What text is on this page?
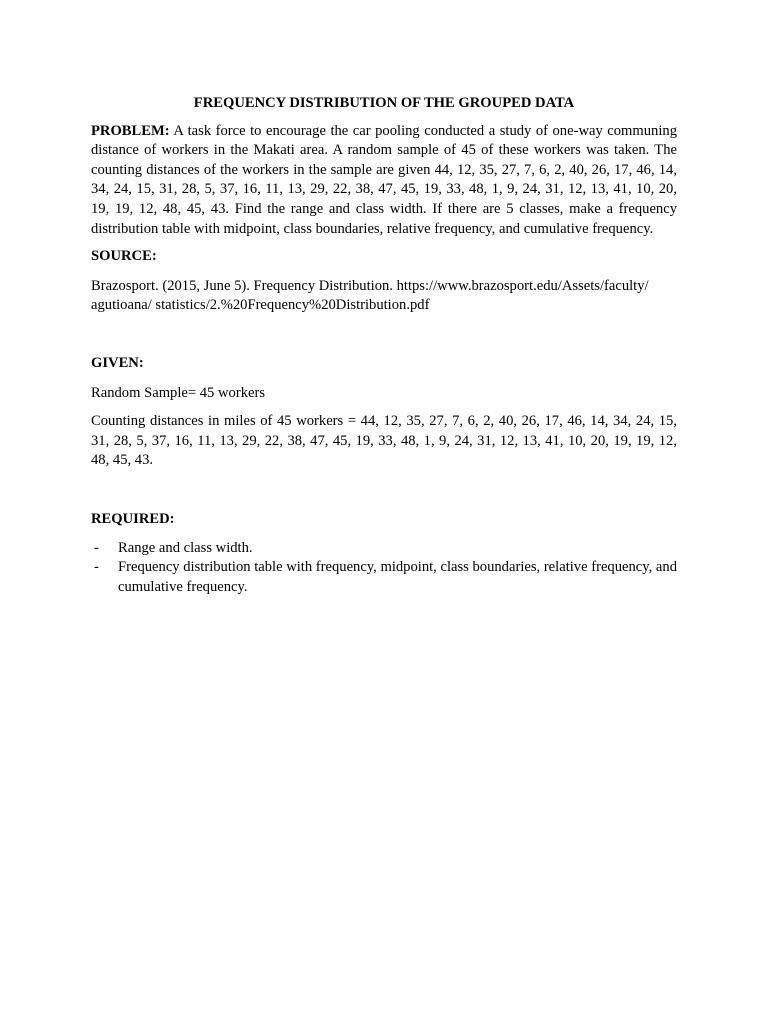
FREQUENCY DISTRIBUTION OF THE GROUPED DATA

PROBLEM: A task force to encourage the car pooling conducted a study of one-way communing distance of workers in the Makati area. A random sample of 45 of these workers was taken. The counting distances of the workers in the sample are given 44, 12, 35, 27, 7, 6, 2, 40, 26, 17, 46, 14, 34, 24, 15, 31, 28, 5, 37, 16, 11, 13, 29, 22, 38, 47, 45, 19, 33, 48, 1, 9, 24, 31, 12, 13, 41, 10, 20, 19, 19, 12, 48, 45, 43. Find the range and class width. If there are 5 classes, make a frequency distribution table with midpoint, class boundaries, relative frequency, and cumulative frequency.

SOURCE:

Brazosport. (2015, June 5). Frequency Distribution. https://www.brazosport.edu/Assets/faculty/
agutioana/ statistics/2.%20Frequency%20Distribution.pdf

GIVEN:

Random Sample= 45 workers

Counting distances in miles of 45 workers = 44, 12, 35, 27, 7, 6, 2, 40, 26, 17, 46, 14, 34, 24, 15, 31, 28, 5, 37, 16, 11, 13, 29, 22, 38, 47, 45, 19, 33, 48, 1, 9, 24, 31, 12, 13, 41, 10, 20, 19, 19, 12, 48, 45, 43.

REQUIRED:

- Range and class width.
- Frequency distribution table with frequency, midpoint, class boundaries, relative frequency, and cumulative frequency.
